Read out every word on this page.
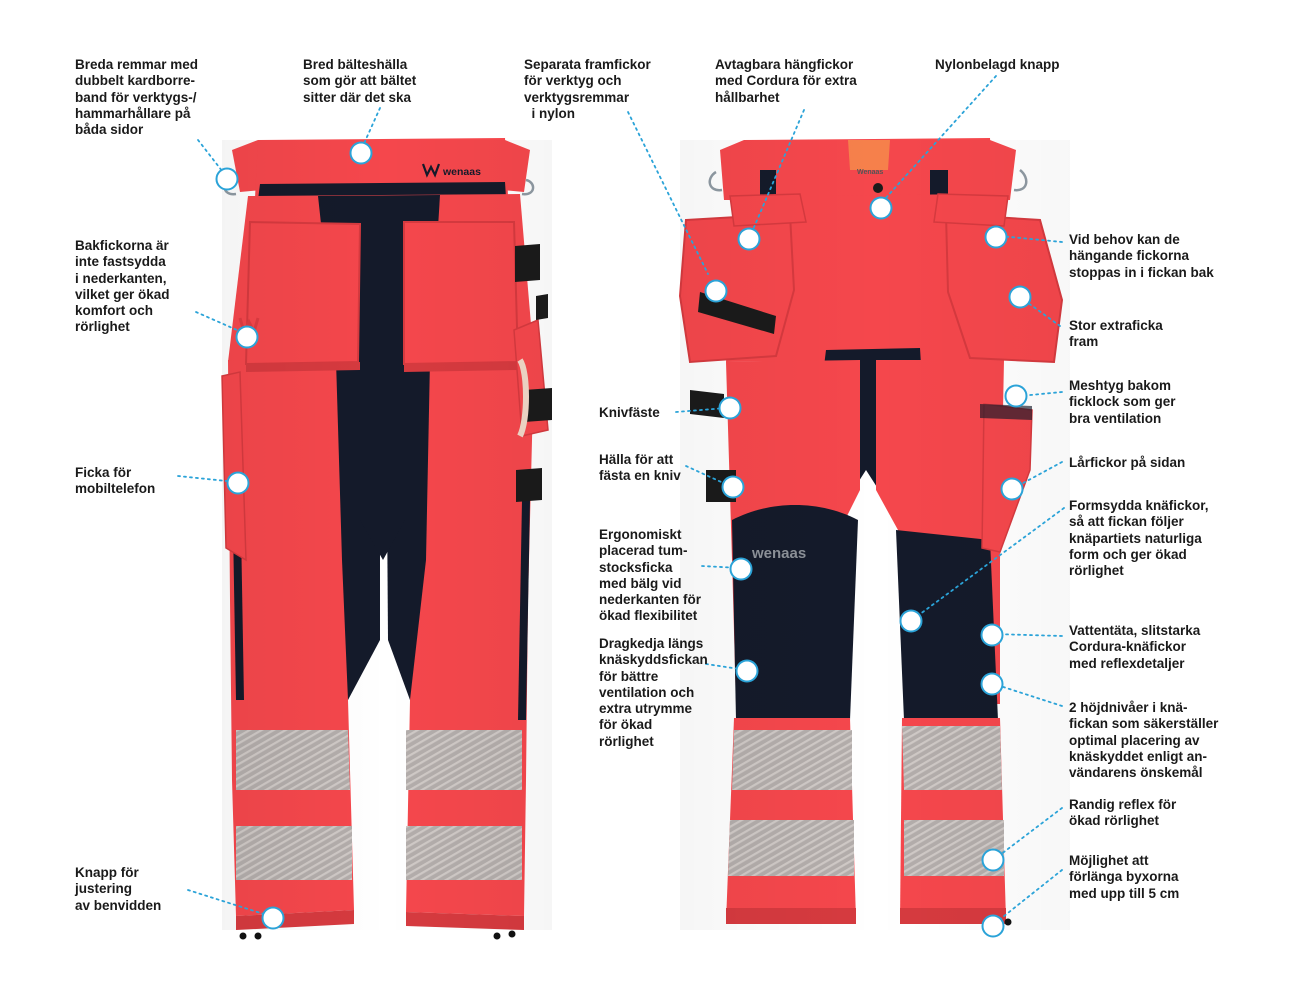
wenaas
wenaas
Wenaas

Breda remmar med
dubbelt kardborre-
band för verktygs-/
hammarhållare på
båda sidor

Bred bälteshälla
som gör att bältet
sitter där det ska

Separata framfickor
för verktyg och
verktygsremmar
i nylon

Avtagbara hängfickor
med Cordura för extra
hållbarhet

Nylonbelagd knapp

Bakfickorna är
inte fastsydda
i nederkanten,
vilket ger ökad
komfort och
rörlighet

Vid behov kan de
hängande fickorna
stoppas in i fickan bak

Stor extraficka
fram

Meshtyg bakom
ficklock som ger
bra ventilation

Knivfäste

Hälla för att
fästa en kniv

Lårfickor på sidan

Ficka för
mobiltelefon

Formsydda knäfickor,
så att fickan följer
knäpartiets naturliga
form och ger ökad
rörlighet

Ergonomiskt
placerad tum-
stocksficka
med bälg vid
nederkanten för
ökad flexibilitet

Vattentäta, slitstarka
Cordura-knäfickor
med reflexdetaljer

Dragkedja längs
knäskyddsfickan
för bättre
ventilation och
extra utrymme
för ökad
rörlighet

2 höjdnivåer i knä-
fickan som säkerställer
optimal placering av
knäskyddet enligt an-
vändarens önskemål

Randig reflex för
ökad rörlighet

Möjlighet att
förlänga byxorna
med upp till 5 cm

Knapp för
justering
av benvidden
